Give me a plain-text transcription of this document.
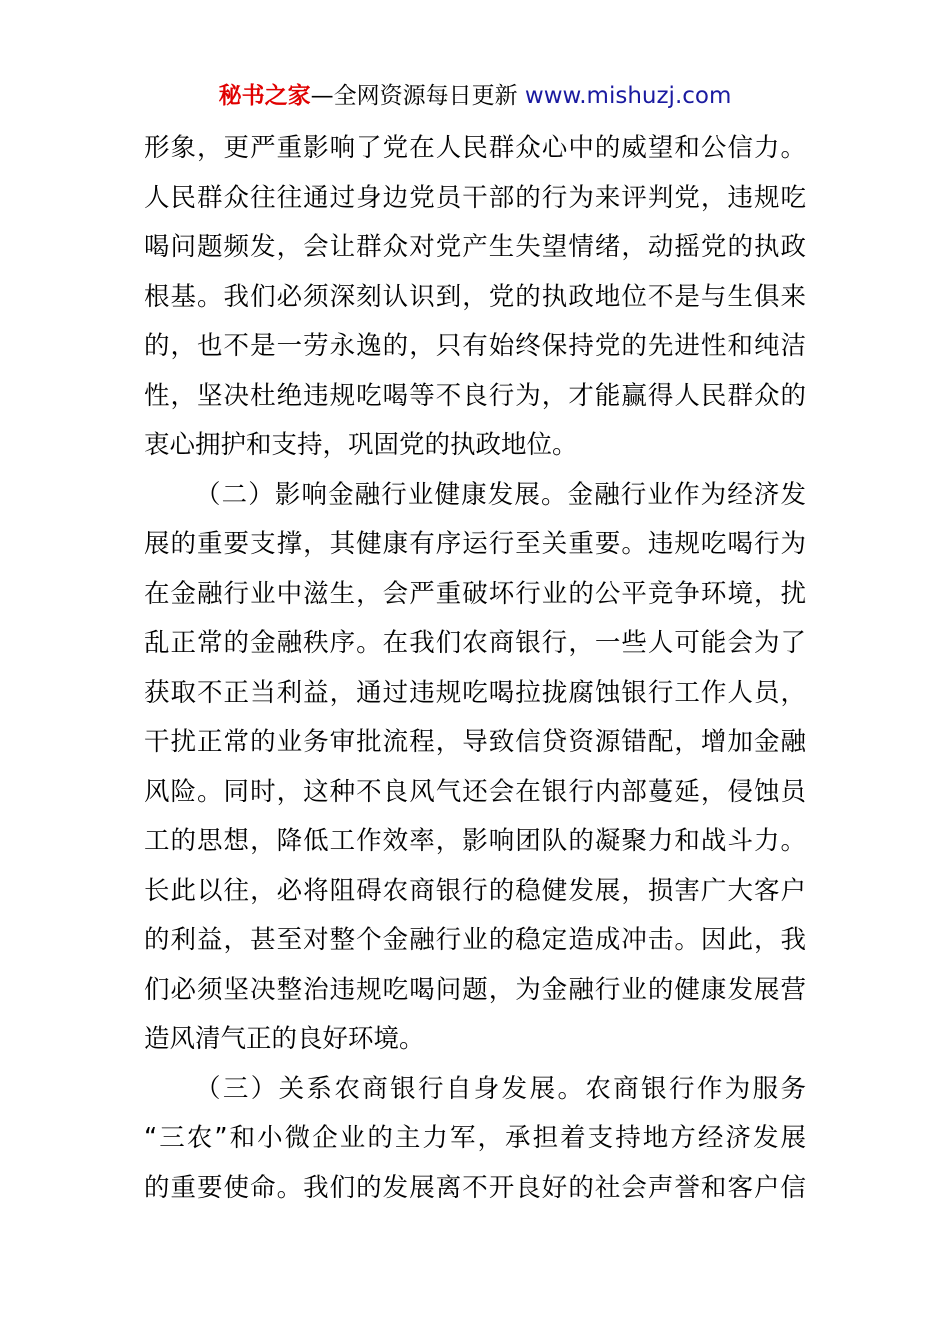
秘书之家—全网资源每日更新 www.mishuzj.com
形象，更严重影响了党在人民群众心中的威望和公信力。
人民群众往往通过身边党员干部的行为来评判党，违规吃
喝问题频发，会让群众对党产生失望情绪，动摇党的执政
根基。我们必须深刻认识到，党的执政地位不是与生俱来
的，也不是一劳永逸的，只有始终保持党的先进性和纯洁
性，坚决杜绝违规吃喝等不良行为，才能赢得人民群众的
衷心拥护和支持，巩固党的执政地位。
（二）影响金融行业健康发展。金融行业作为经济发
展的重要支撑，其健康有序运行至关重要。违规吃喝行为
在金融行业中滋生，会严重破坏行业的公平竞争环境，扰
乱正常的金融秩序。在我们农商银行，一些人可能会为了
获取不正当利益，通过违规吃喝拉拢腐蚀银行工作人员，
干扰正常的业务审批流程，导致信贷资源错配，增加金融
风险。同时，这种不良风气还会在银行内部蔓延，侵蚀员
工的思想，降低工作效率，影响团队的凝聚力和战斗力。
长此以往，必将阻碍农商银行的稳健发展，损害广大客户
的利益，甚至对整个金融行业的稳定造成冲击。因此，我
们必须坚决整治违规吃喝问题，为金融行业的健康发展营
造风清气正的良好环境。
（三）关系农商银行自身发展。农商银行作为服务
“三农”和小微企业的主力军，承担着支持地方经济发展
的重要使命。我们的发展离不开良好的社会声誉和客户信
